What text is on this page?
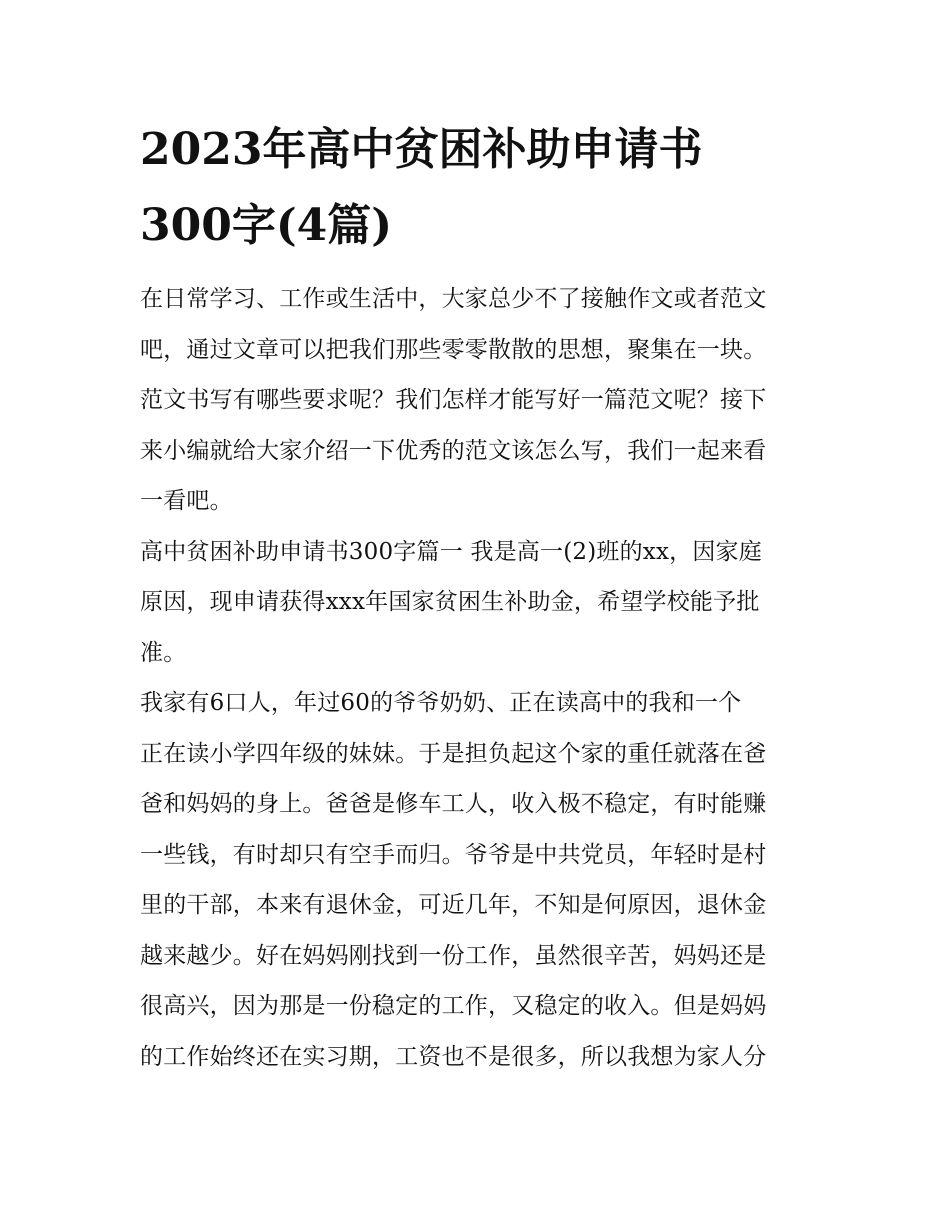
2023年高中贫困补助申请书
300字(4篇)

在日常学习、工作或生活中，大家总少不了接触作文或者范文
吧，通过文章可以把我们那些零零散散的思想，聚集在一块。
范文书写有哪些要求呢？我们怎样才能写好一篇范文呢？接下
来小编就给大家介绍一下优秀的范文该怎么写，我们一起来看
一看吧。

高中贫困补助申请书300字篇一 我是高一(2)班的xx，因家庭
原因，现申请获得xxx年国家贫困生补助金，希望学校能予批
准。

我家有6口人，年过60的爷爷奶奶、正在读高中的我和一个
正在读小学四年级的妹妹。于是担负起这个家的重任就落在爸
爸和妈妈的身上。爸爸是修车工人，收入极不稳定，有时能赚
一些钱，有时却只有空手而归。爷爷是中共党员，年轻时是村
里的干部，本来有退休金，可近几年，不知是何原因，退休金
越来越少。好在妈妈刚找到一份工作，虽然很辛苦，妈妈还是
很高兴，因为那是一份稳定的工作，又稳定的收入。但是妈妈
的工作始终还在实习期，工资也不是很多，所以我想为家人分
